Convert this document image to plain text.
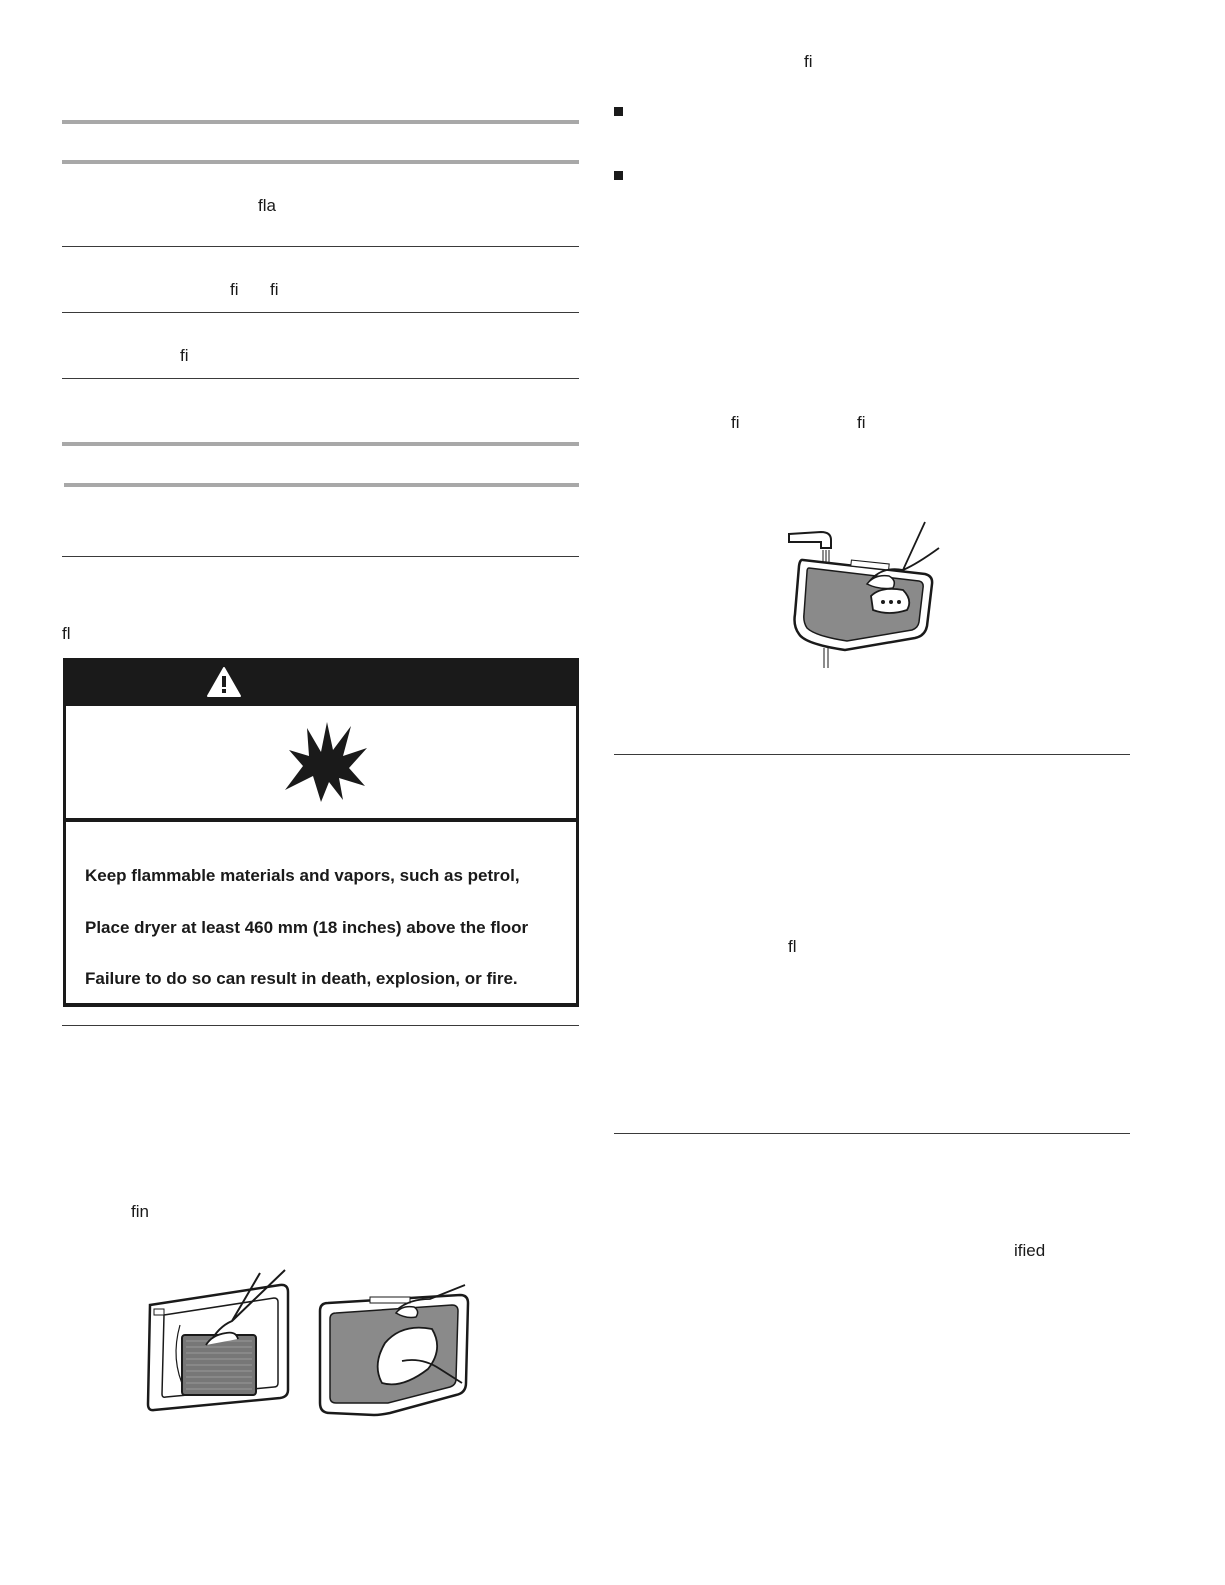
fla
fi fi
fi
fl
Keep flammable materials and vapors, such as petrol,
Place dryer at least 460 mm (18 inches) above the floor
Failure to do so can result in death, explosion, or fire.
fin
fi
fi	fi
fl
ified
